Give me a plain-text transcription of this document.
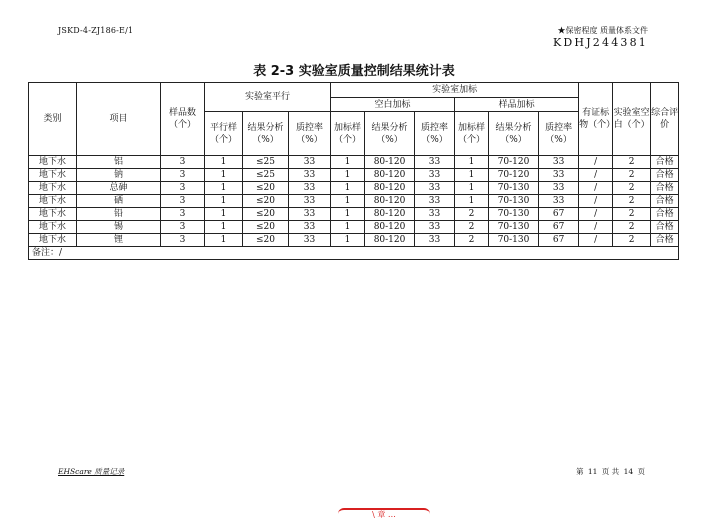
JSKD-4-ZJ186-E/1	★保密程度 质量体系文件
KDHJ244381
表 2-3 实验室质量控制结果统计表
类别	项目	样品数（个）	实验室平行			实验室加标						有证标物（个）	实验室空白（个）	综合评价
						空白加标			样品加标					
			平行样（个）	结果分析（%）	质控率（%）	加标样（个）	结果分析（%）	质控率（%）	加标样（个）	结果分析（%）	质控率（%）			
地下水	铝	3	1	≤25	33	1	80-120	33	1	70-120	33	/	2	合格
地下水	钠	3	1	≤25	33	1	80-120	33	1	70-120	33	/	2	合格
地下水	总砷	3	1	≤20	33	1	80-120	33	1	70-130	33	/	2	合格
地下水	硒	3	1	≤20	33	1	80-120	33	1	70-130	33	/	2	合格
地下水	铅	3	1	≤20	33	1	80-120	33	2	70-130	67	/	2	合格
地下水	锡	3	1	≤20	33	1	80-120	33	2	70-130	67	/	2	合格
地下水	锂	3	1	≤20	33	1	80-120	33	2	70-130	67	/	2	合格
备注：/														
EHScare 质量记录	第 11 页 共 14 页
\ 章 …
